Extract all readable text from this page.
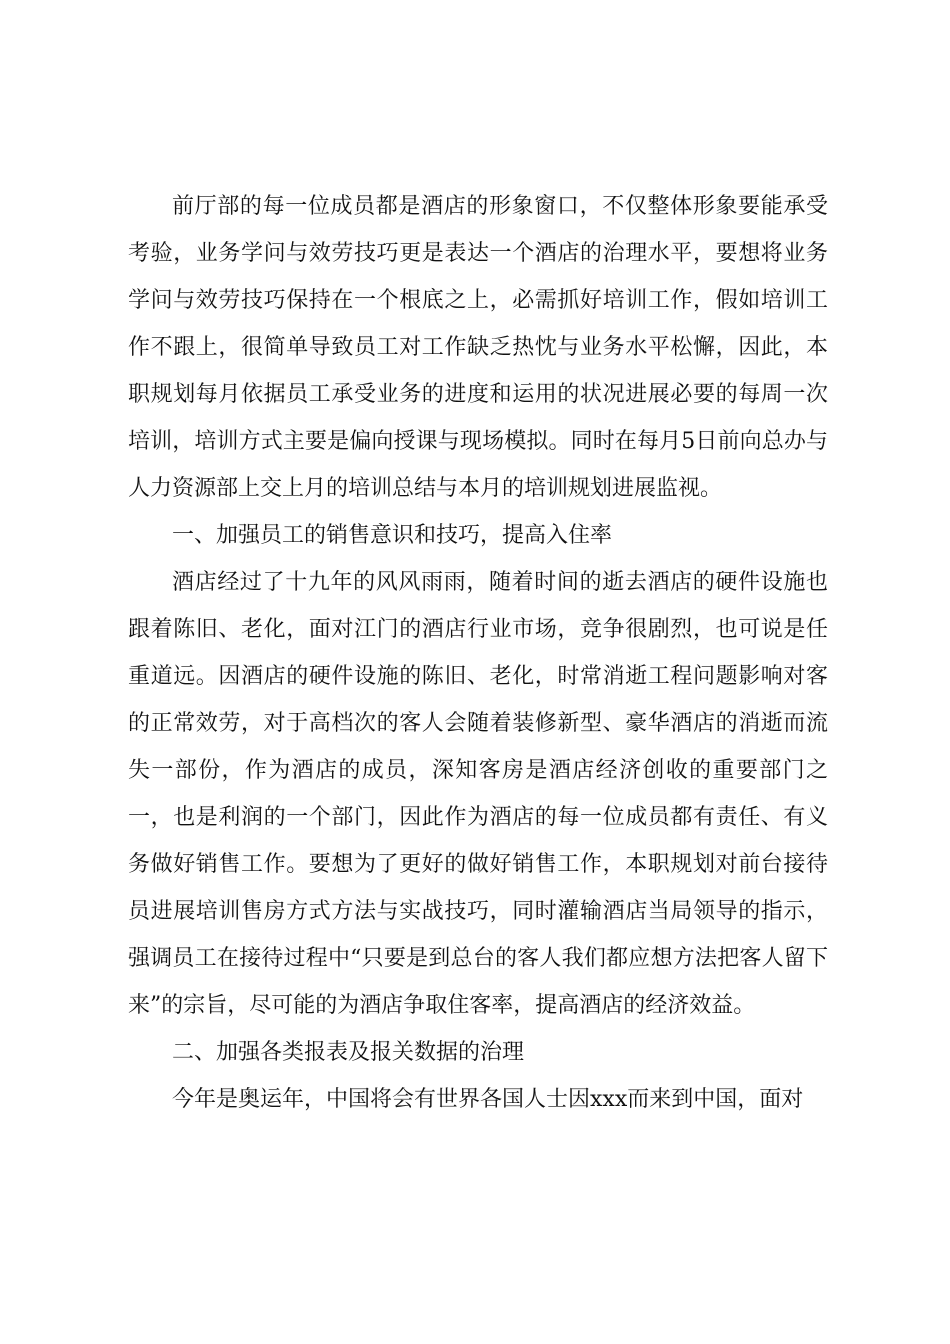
前厅部的每一位成员都是酒店的形象窗口，不仅整体形象要能承受考验，业务学问与效劳技巧更是表达一个酒店的治理水平，要想将业务学问与效劳技巧保持在一个根底之上，必需抓好培训工作，假如培训工作不跟上，很简单导致员工对工作缺乏热忱与业务水平松懈，因此，本职规划每月依据员工承受业务的进度和运用的状况进展必要的每周一次培训，培训方式主要是偏向授课与现场模拟。同时在每月5日前向总办与人力资源部上交上月的培训总结与本月的培训规划进展监视。

一、加强员工的销售意识和技巧，提高入住率

酒店经过了十九年的风风雨雨，随着时间的逝去酒店的硬件设施也跟着陈旧、老化，面对江门的酒店行业市场，竞争很剧烈，也可说是任重道远。因酒店的硬件设施的陈旧、老化，时常消逝工程问题影响对客的正常效劳，对于高档次的客人会随着装修新型、豪华酒店的消逝而流失一部份，作为酒店的成员，深知客房是酒店经济创收的重要部门之一，也是利润的一个部门，因此作为酒店的每一位成员都有责任、有义务做好销售工作。要想为了更好的做好销售工作，本职规划对前台接待员进展培训售房方式方法与实战技巧，同时灌输酒店当局领导的指示，强调员工在接待过程中“只要是到总台的客人我们都应想方法把客人留下来”的宗旨，尽可能的为酒店争取住客率，提高酒店的经济效益。

二、加强各类报表及报关数据的治理

今年是奥运年，中国将会有世界各国人士因xxx而来到中国，面对
